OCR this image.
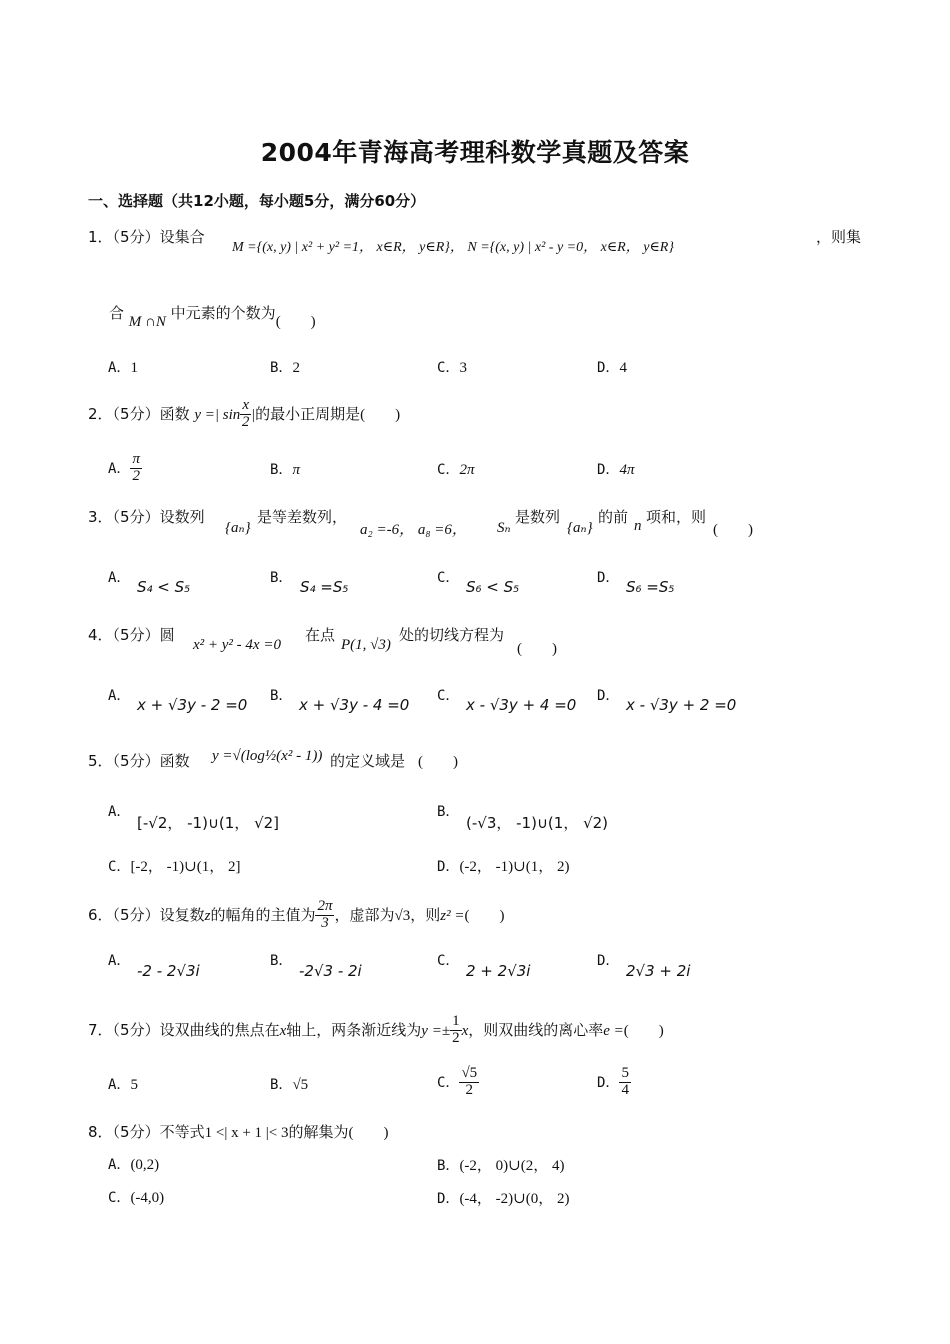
2004年青海高考理科数学真题及答案
一、选择题（共12小题，每小题5分，满分60分）
1．（5分）设集合
M ={(x, y) | x² + y² =1， x∈R， y∈R}， N ={(x, y) | x² - y =0， x∈R， y∈R}
，则集
合 M ∩N 中元素的个数为(　　)
A．1	B．2	C．3	D．4
2．（5分）函数 y =| $\sin \frac{x}{2}$ |的最小正周期是(　　)
A． $\frac{\pi}{2}$	B．π	C．2π	D．4π
3．（5分）设数列
{aₙ}
是等差数列，
a₂ =-6， a₈ =6， Sₙ
是数列
{aₙ}
的前 n 项和，则
(　　)
A． S₄ < S₅	B． S₄ =S₅	C． S₆ < S₅	D． S₆ =S₅
4．（5分）圆
x² + y² - 4x =0
在点
P(1, √3)
处的切线方程为
(　　)
A． x + √3y - 2 =0 B． x + √3y - 4 =0 C． x - √3y + 4 =0 D． x - √3y + 2 =0
5．（5分）函数 y =√(log½(x² - 1)) 的定义域是 (　　)
A．
[-√2， -1)∪(1， √2]
B．
(-√3， -1)∪(1， √2)
C．[-2， -1)∪(1， 2]	D．(-2， -1)∪(1， 2)
6．（5分）设复数z的幅角的主值为 $\frac{2\pi}{3}$ ，虚部为√3，则z² =(　　)
A．
-2 - 2√3i
B．
-2√3 - 2i
C．
2 + 2√3i
D．
2√3 + 2i
7．（5分）设双曲线的焦点在x轴上，两条渐近线为$y =\pm \frac{1}{2}$ x，则双曲线的离心率e =(　　)
A．5	B．√5	C． $\frac{√5}{2}$	D． $\frac{5}{4}$
8．（5分）不等式1 <| x + 1 |< 3的解集为(　　)
A．(0,2)	B．(-2， 0)∪(2， 4)
C．(-4,0)	D．(-4， -2)∪(0， 2)
